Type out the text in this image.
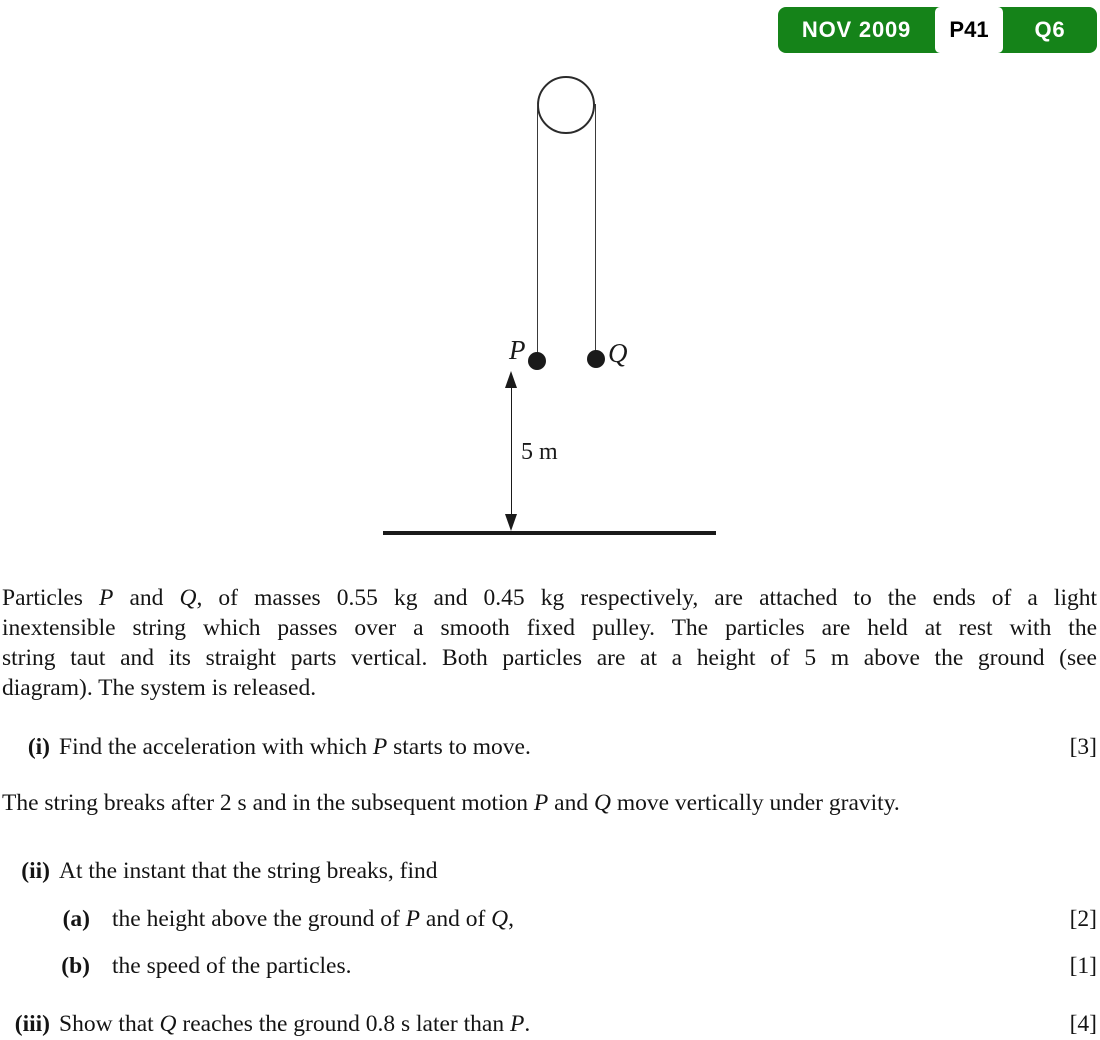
NOV 2009	P41	Q6
P	Q
5 m
Particles P and Q, of masses 0.55 kg and 0.45 kg respectively, are attached to the ends of a light
inextensible string which passes over a smooth fixed pulley. The particles are held at rest with the
string taut and its straight parts vertical. Both particles are at a height of 5 m above the ground (see
diagram). The system is released.
(i) Find the acceleration with which P starts to move.	[3]
The string breaks after 2 s and in the subsequent motion P and Q move vertically under gravity.
(ii) At the instant that the string breaks, find
(a) the height above the ground of P and of Q,	[2]
(b) the speed of the particles.	[1]
(iii) Show that Q reaches the ground 0.8 s later than P.	[4]
